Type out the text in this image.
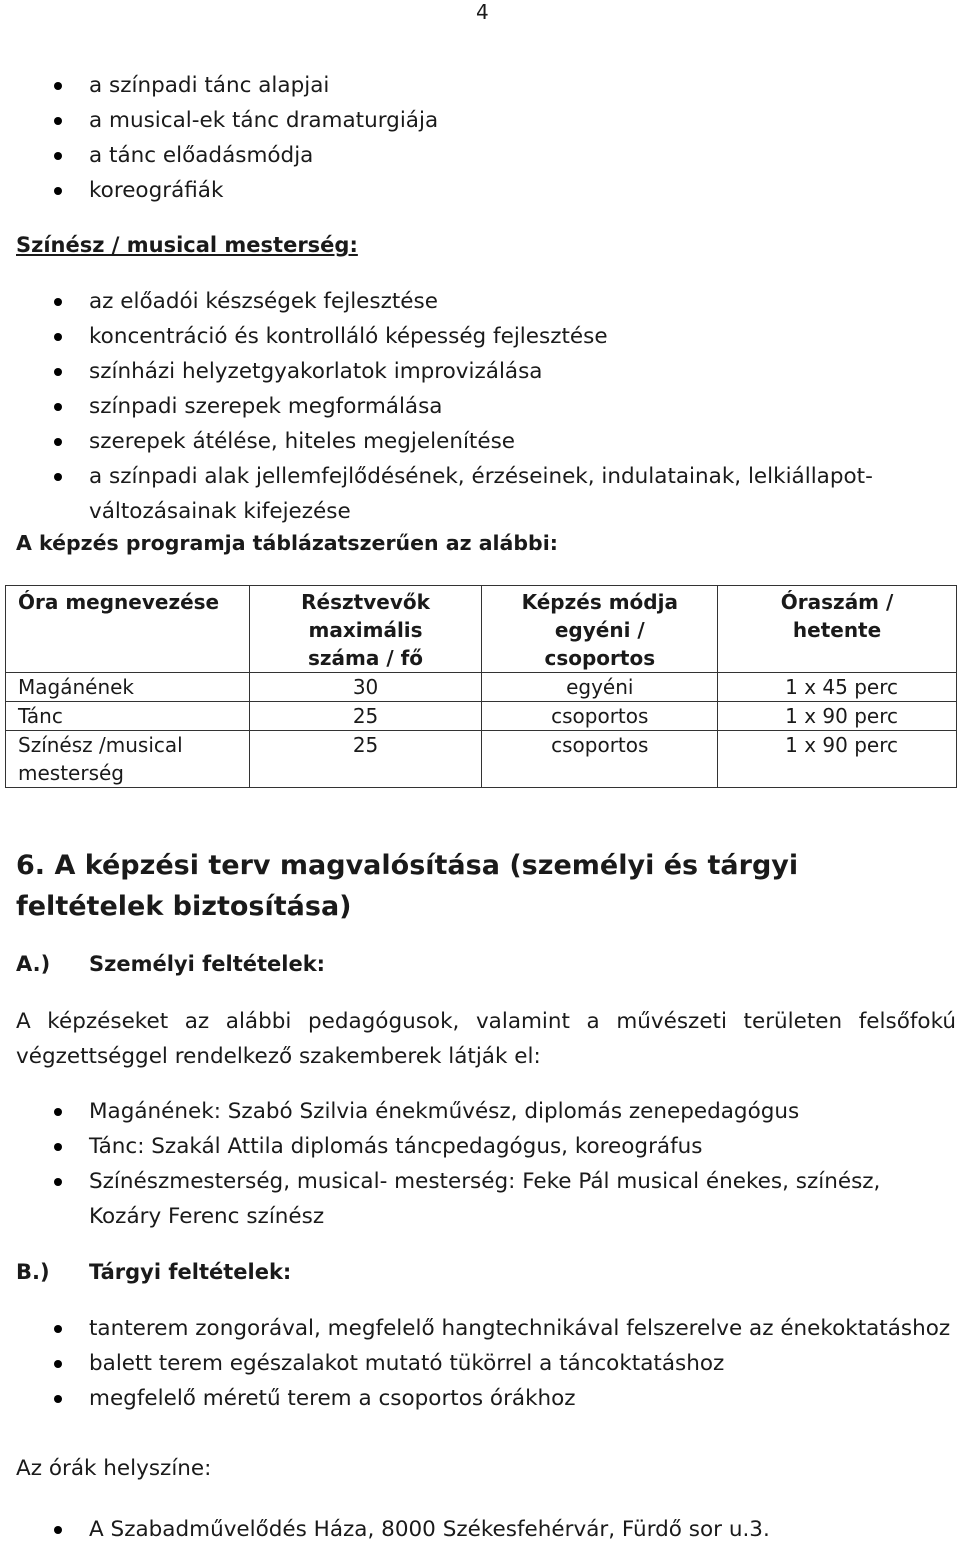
4
a színpadi tánc alapjai
a musical-ek tánc dramaturgiája
a tánc előadásmódja
koreográfiák
Színész / musical mesterség:
az előadói készségek fejlesztése
koncentráció és kontrolláló képesség fejlesztése
színházi helyzetgyakorlatok improvizálása
színpadi szerepek megformálása
szerepek átélése, hiteles megjelenítése
a színpadi alak jellemfejlődésének, érzéseinek, indulatainak, lelkiállapot-változásainak kifejezése
A képzés programja táblázatszerűen az alábbi:
Óra megnevezése	Résztvevők maximális száma / fő	Képzés módja egyéni / csoportos	Óraszám / hetente
Magánének	30	egyéni	1 x 45 perc
Tánc	25	csoportos	1 x 90 perc
Színész /musical mesterség	25	csoportos	1 x 90 perc
6. A képzési terv magvalósítása (személyi és tárgyi feltételek biztosítása)
A.) Személyi feltételek:
A képzéseket az alábbi pedagógusok, valamint a művészeti területen felsőfokú végzettséggel rendelkező szakemberek látják el:
Magánének: Szabó Szilvia énekművész, diplomás zenepedagógus
Tánc: Szakál Attila diplomás táncpedagógus, koreográfus
Színészmesterség, musical- mesterség: Feke Pál musical énekes, színész, Kozáry Ferenc színész
B.) Tárgyi feltételek:
tanterem zongorával, megfelelő hangtechnikával felszerelve az énekoktatáshoz
balett terem egészalakot mutató tükörrel a táncoktatáshoz
megfelelő méretű terem a csoportos órákhoz
Az órák helyszíne:
A Szabadművelődés Háza, 8000 Székesfehérvár, Fürdő sor u.3.
